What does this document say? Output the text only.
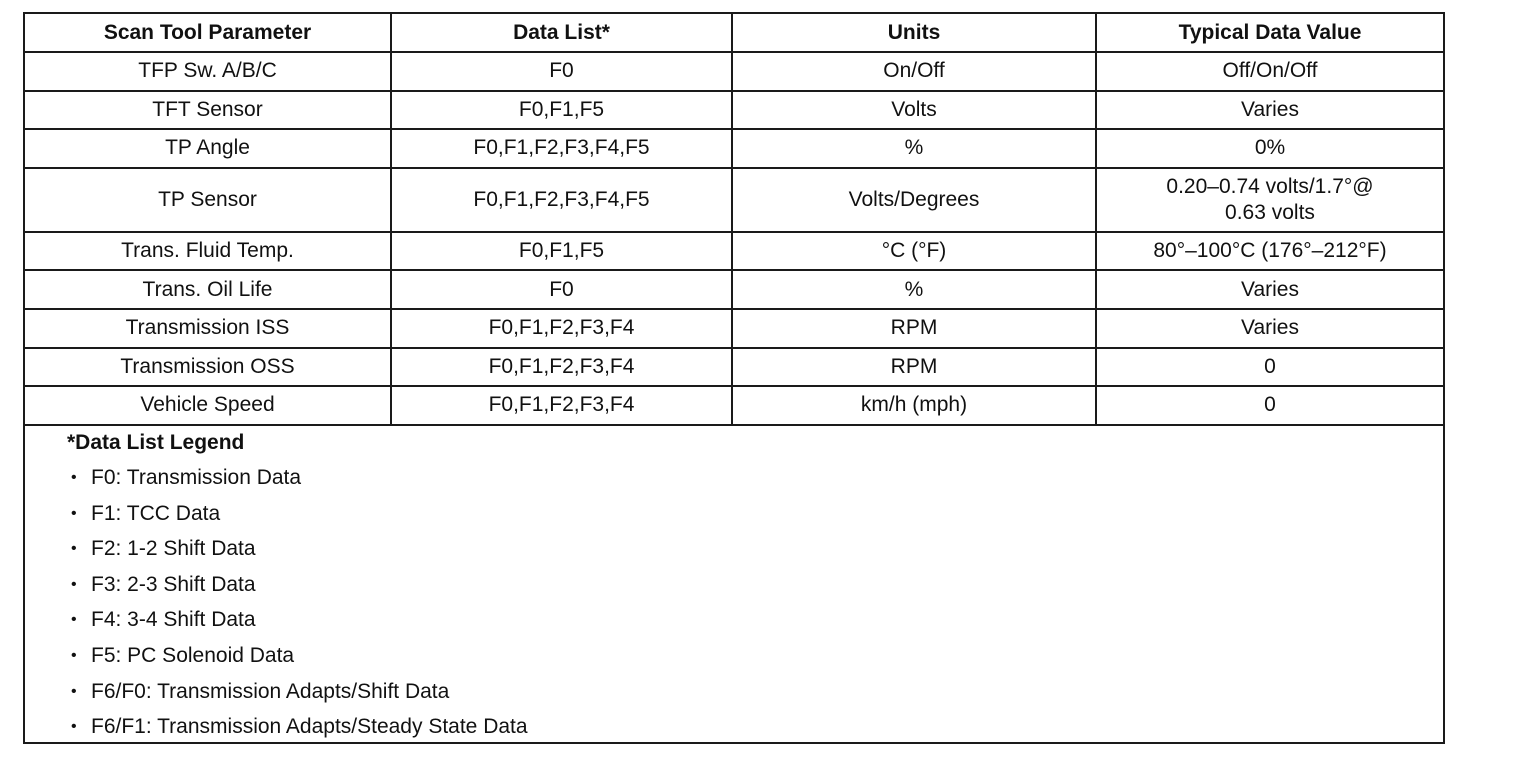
Scan Tool Parameter	Data List*	Units	Typical Data Value
TFP Sw. A/B/C	F0	On/Off	Off/On/Off
TFT Sensor	F0,F1,F5	Volts	Varies
TP Angle	F0,F1,F2,F3,F4,F5	%	0%
TP Sensor	F0,F1,F2,F3,F4,F5	Volts/Degrees	0.20–0.74 volts/1.7°@
0.63 volts

Trans. Fluid Temp.	F0,F1,F5	°C (°F)	80°–100°C (176°–212°F)
Trans. Oil Life	F0	%	Varies
Transmission ISS	F0,F1,F2,F3,F4	RPM	Varies
Transmission OSS	F0,F1,F2,F3,F4	RPM	0
Vehicle Speed	F0,F1,F2,F3,F4	km/h (mph)	0
*Data List Legend
• F0: Transmission Data
• F1: TCC Data
• F2: 1-2 Shift Data
• F3: 2-3 Shift Data
• F4: 3-4 Shift Data
• F5: PC Solenoid Data
• F6/F0: Transmission Adapts/Shift Data
• F6/F1: Transmission Adapts/Steady State Data
